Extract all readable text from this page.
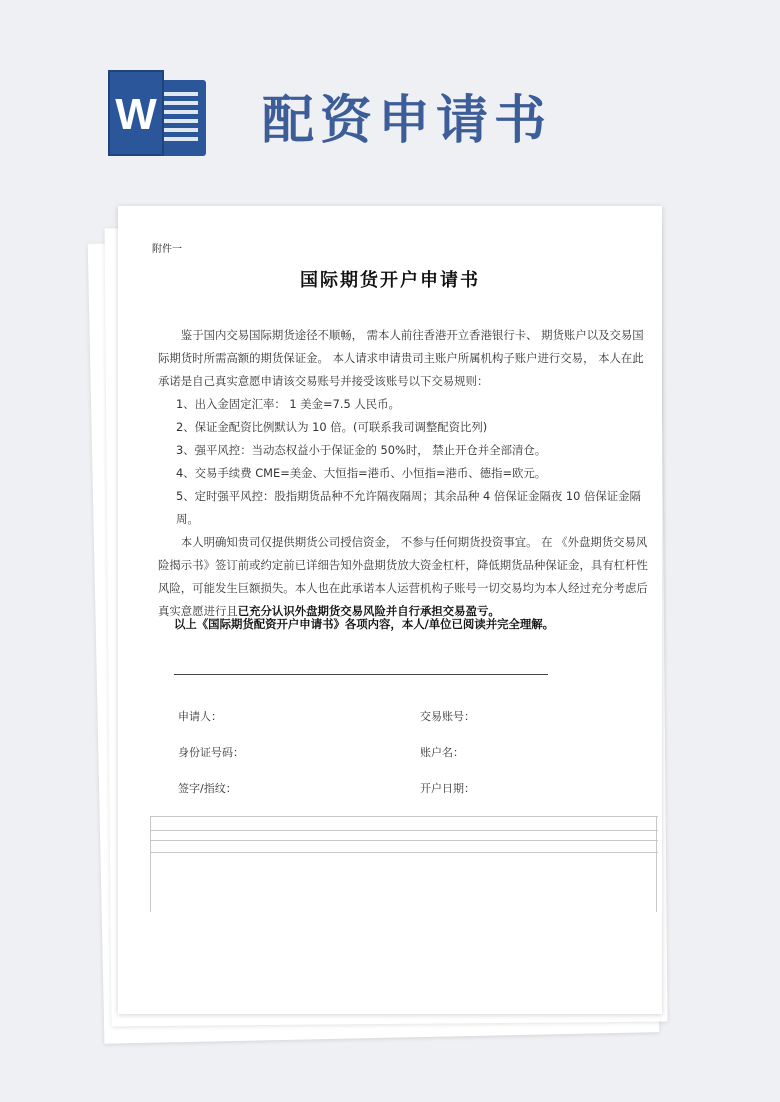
W 配资申请书
附件一
国际期货开户申请书

鉴于国内交易国际期货途径不顺畅， 需本人前往香港开立香港银行卡、 期货账户以及交易国际期货时所需高额的期货保证金。 本人请求申请贵司主账户所属机构子账户进行交易， 本人在此承诺是自己真实意愿申请该交易账号并接受该账号以下交易规则：

1、出入金固定汇率： 1 美金=7.5 人民币。

2、保证金配资比例默认为 10 倍。(可联系我司调整配资比列)

3、强平风控：当动态权益小于保证金的 50%时， 禁止开仓并全部清仓。

4、交易手续费 CME=美金、大恒指=港币、小恒指=港币、德指=欧元。

5、定时强平风控：股指期货品种不允许隔夜隔周；其余品种 4 倍保证金隔夜 10 倍保证金隔周。

本人明确知贵司仅提供期货公司授信资金， 不参与任何期货投资事宜。 在 《外盘期货交易风险揭示书》签订前或约定前已详细告知外盘期货放大资金杠杆，降低期货品种保证金，具有杠杆性风险，可能发生巨额损失。本人也在此承诺本人运营机构子账号一切交易均为本人经过充分考虑后真实意愿进行且已充分认识外盘期货交易风险并自行承担交易盈亏。

以上《国际期货配资开户申请书》各项内容，本人/单位已阅读并完全理解。
申请人：	交易账号：
身份证号码：	账户名：
签字/指纹：	开户日期：
